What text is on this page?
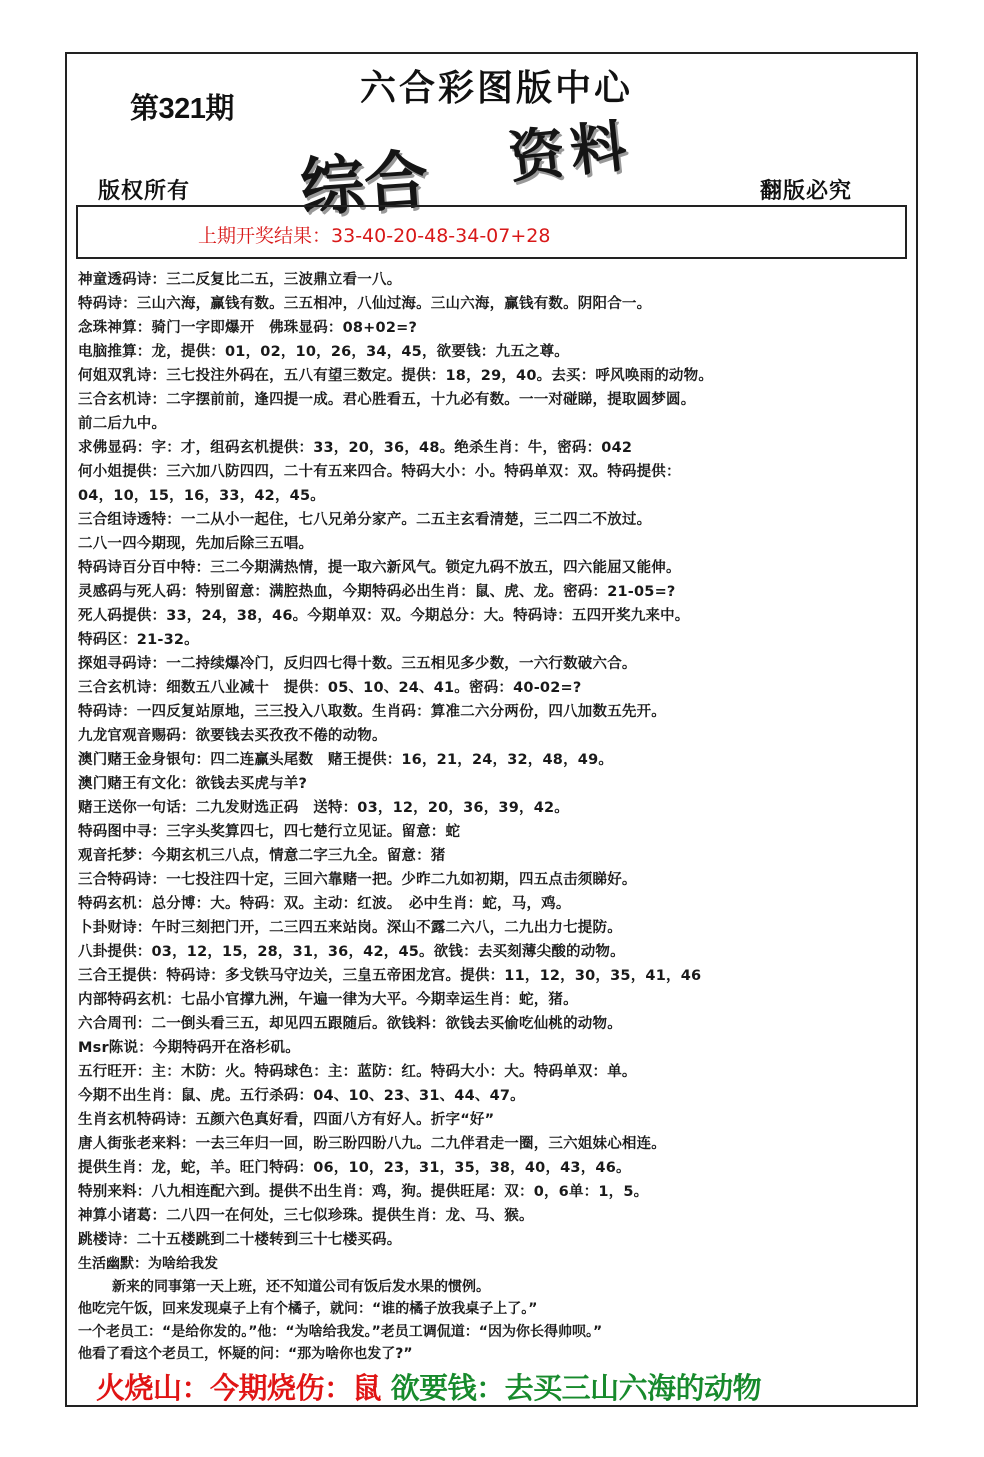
第321期	六合彩图版中心
综合 资料
版权所有	翻版必究
上期开奖结果：33-40-20-48-34-07+28
神童透码诗：三二反复比二五，三波鼎立看一八。
特码诗：三山六海，赢钱有数。三五相冲，八仙过海。三山六海，赢钱有数。阴阳合一。
念珠神算：骑门一字即爆开　佛珠显码：08+02=?
电脑推算：龙，提供：01，02，10，26，34，45，欲要钱：九五之尊。
何姐双乳诗：三七投注外码在，五八有望三数定。提供：18，29，40。去买：呼风唤雨的动物。
三合玄机诗：二字摆前前，逢四提一成。君心胜看五，十九必有数。一一对碰睇，提取圆梦圆。
前二后九中。
求佛显码：字：才，组码玄机提供：33，20，36，48。绝杀生肖：牛，密码：042
何小姐提供：三六加八防四四，二十有五来四合。特码大小：小。特码单双：双。特码提供：
04，10，15，16，33，42，45。
三合组诗透特：一二从小一起住，七八兄弟分家产。二五主玄看清楚，三二四二不放过。
二八一四今期现，先加后除三五唱。
特码诗百分百中特：三二今期满热情，提一取六新风气。锁定九码不放五，四六能屈又能伸。
灵感码与死人码：特别留意：满腔热血，今期特码必出生肖：鼠、虎、龙。密码：21-05=?
死人码提供：33，24，38，46。今期单双：双。今期总分：大。特码诗：五四开奖九来中。
特码区：21-32。
探姐寻码诗：一二持续爆冷门，反归四七得十数。三五相见多少数，一六行数破六合。
三合玄机诗：细数五八业减十　提供：05、10、24、41。密码：40-02=?
特码诗：一四反复站原地，三三投入八取数。生肖码：算准二六分两份，四八加数五先开。
九龙官观音赐码：欲要钱去买孜孜不倦的动物。
澳门赌王金身银句：四二连赢头尾数　赌王提供：16，21，24，32，48，49。
澳门赌王有文化：欲钱去买虎与羊?
赌王送你一句话：二九发财选正码　送特：03，12，20，36，39，42。
特码图中寻：三字头奖算四七，四七楚行立见证。留意：蛇
观音托梦：今期玄机三八点，情意二字三九全。留意：猪
三合特码诗：一七投注四十定，三回六靠赌一把。少昨二九如初期，四五点击须睇好。
特码玄机：总分博：大。特码：双。主动：红波。　必中生肖：蛇，马，鸡。
卜卦财诗：午时三刻把门开，二三四五来站岗。深山不露二六八，二九出力七提防。
八卦提供：03，12，15，28，31，36，42，45。欲钱：去买刻薄尖酸的动物。
三合王提供：特码诗：多戈铁马守边关，三皇五帝困龙宫。提供：11，12，30，35，41，46
内部特码玄机：七品小官撑九洲，午遍一律为大平。今期幸运生肖：蛇，猪。
六合周刊：二一倒头看三五，却见四五跟随后。欲钱料：欲钱去买偷吃仙桃的动物。
Msr陈说：今期特码开在洛杉矶。
五行旺开：主：木防：火。特码球色：主：蓝防：红。特码大小：大。特码单双：单。
今期不出生肖：鼠、虎。五行杀码：04、10、23、31、44、47。
生肖玄机特码诗：五颜六色真好看，四面八方有好人。折字“好”
唐人街张老来料：一去三年归一回，盼三盼四盼八九。二九伴君走一圈，三六姐妹心相连。
提供生肖：龙，蛇，羊。旺门特码：06，10，23，31，35，38，40，43，46。
特别来料：八九相连配六到。提供不出生肖：鸡，狗。提供旺尾：双：0，6单：1，5。
神算小诸葛：二八四一在何处，三七似珍珠。提供生肖：龙、马、猴。
跳楼诗：二十五楼跳到二十楼转到三十七楼买码。
生活幽默：为啥给我发
新来的同事第一天上班，还不知道公司有饭后发水果的惯例。
他吃完午饭，回来发现桌子上有个橘子，就问：“谁的橘子放我桌子上了。”
一个老员工：“是给你发的。”他：“为啥给我发。”老员工调侃道：“因为你长得帅呗。”
他看了看这个老员工，怀疑的问：“那为啥你也发了?”
火烧山：今期烧伤：鼠 欲要钱：去买三山六海的动物
